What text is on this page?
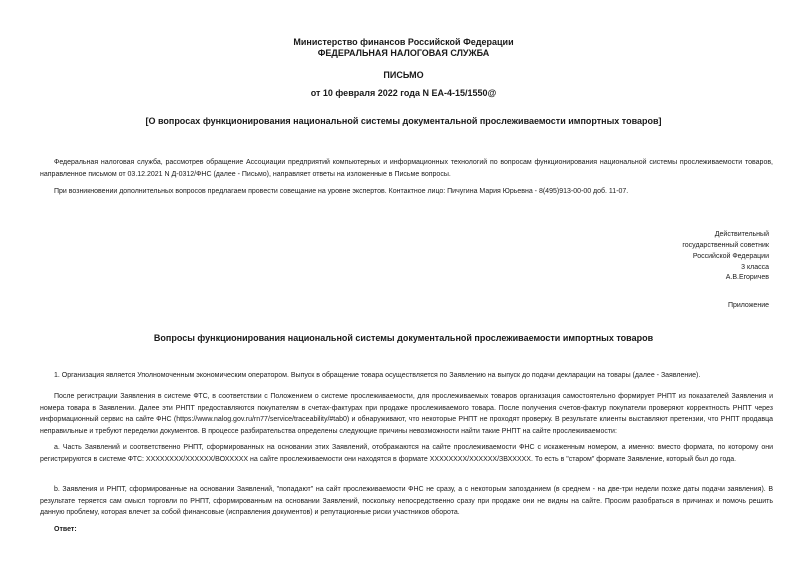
Министерство финансов Российской Федерации
ФЕДЕРАЛЬНАЯ НАЛОГОВАЯ СЛУЖБА
ПИСЬМО
от 10 февраля 2022 года N ЕА-4-15/1550@
[О вопросах функционирования национальной системы документальной прослеживаемости импортных товаров]
Федеральная налоговая служба, рассмотрев обращение Ассоциации предприятий компьютерных и информационных технологий по вопросам функционирования национальной системы прослеживаемости товаров, направленное письмом от 03.12.2021 N Д-0312/ФНС (далее - Письмо), направляет ответы на изложенные в Письме вопросы.
При возникновении дополнительных вопросов предлагаем провести совещание на уровне экспертов. Контактное лицо: Пичугина Мария Юрьевна - 8(495)913-00-00 доб. 11-07.
Действительный
государственный советник
Российской Федерации
3 класса
А.В.Егоричев
Приложение
Вопросы функционирования национальной системы документальной прослеживаемости импортных товаров
1. Организация является Уполномоченным экономическим оператором. Выпуск в обращение товара осуществляется по Заявлению на выпуск до подачи декларации на товары (далее - Заявление).
После регистрации Заявления в системе ФТС, в соответствии с Положением о системе прослеживаемости, для прослеживаемых товаров организация самостоятельно формирует РНПТ из показателей Заявления и номера товара в Заявлении. Далее эти РНПТ предоставляются покупателям в счетах-фактурах при продаже прослеживаемого товара. После получения счетов-фактур покупатели проверяют корректность РНПТ через информационный сервис на сайте ФНС (https://www.nalog.gov.ru/rn77/service/traceability/#tab0) и обнаруживают, что некоторые РНПТ не проходят проверку. В результате клиенты выставляют претензии, что РНПТ продавца неправильные и требуют переделки документов. В процессе разбирательства определены следующие причины невозможности найти такие РНПТ на сайте прослеживаемости:
a. Часть Заявлений и соответственно РНПТ, сформированных на основании этих Заявлений, отображаются на сайте прослеживаемости ФНС с искаженным номером, а именно: вместо формата, по которому они регистрируются в системе ФТС: ХХХХХХХХ/ХХХХХХ/ВОХХХХХ на сайте прослеживаемости они находятся в формате ХХХХХХХХ/ХХХХХХ/ЗВХХХХХ. То есть в "старом" формате Заявление, который был до года.
b. Заявления и РНПТ, сформированные на основании Заявлений, "попадают" на сайт прослеживаемости ФНС не сразу, а с некоторым запозданием (в среднем - на две-три недели позже даты подачи заявления). В результате теряется сам смысл торговли по РНПТ, сформированным на основании Заявлений, поскольку непосредственно сразу при продаже они не видны на сайте. Просим разобраться в причинах и помочь решить данную проблему, которая влечет за собой финансовые (исправления документов) и репутационные риски участников оборота.
Ответ:
